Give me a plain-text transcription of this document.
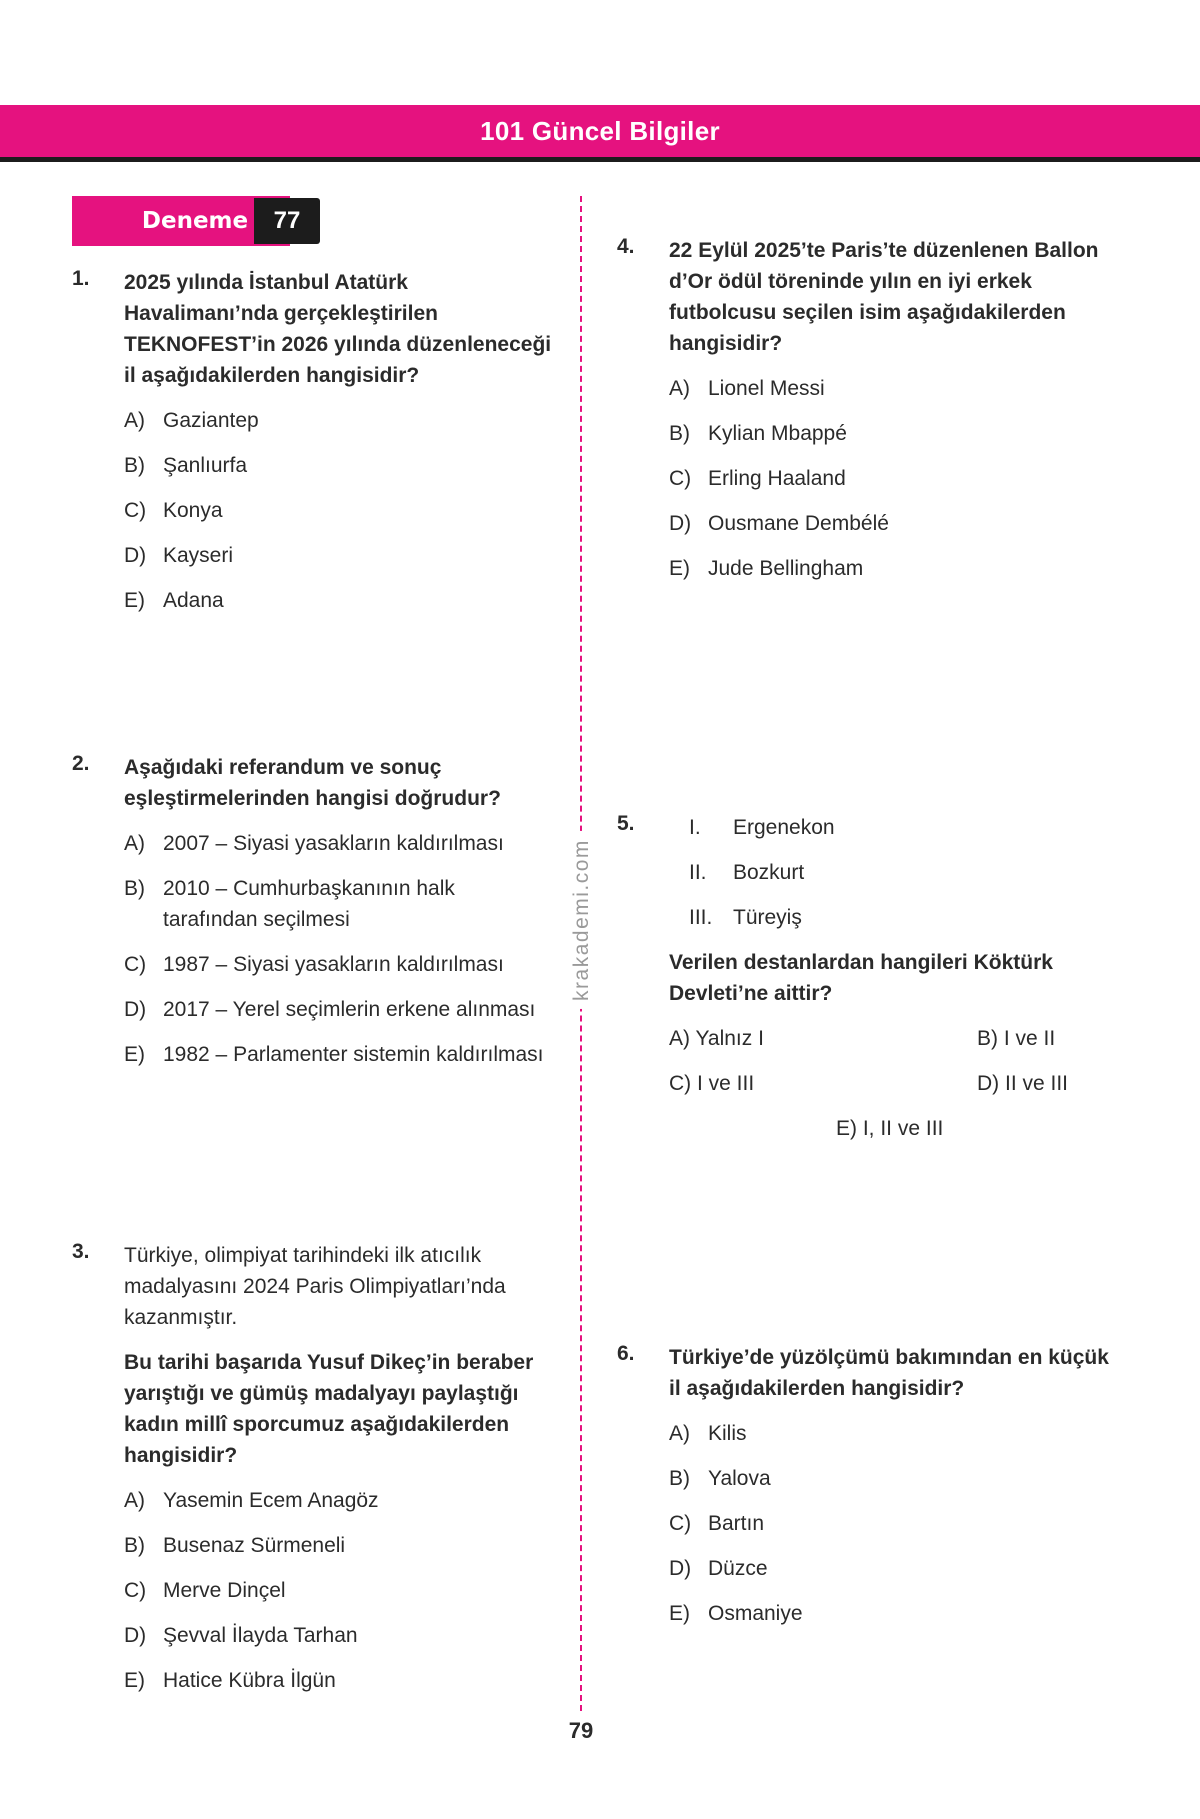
101 Güncel Bilgiler
Deneme	77
krakademi.com
1. 2025 yılında İstanbul Atatürk Havalimanı’nda gerçekleştirilen TEKNOFEST’in 2026 yılında düzenleneceği il aşağıdakilerden hangisidir?
A) Gaziantep
B) Şanlıurfa
C) Konya
D) Kayseri
E) Adana
2. Aşağıdaki referandum ve sonuç eşleştirmelerinden hangisi doğrudur?
A) 2007 – Siyasi yasakların kaldırılması
B) 2010 – Cumhurbaşkanının halk tarafından seçilmesi
C) 1987 – Siyasi yasakların kaldırılması
D) 2017 – Yerel seçimlerin erkene alınması
E) 1982 – Parlamenter sistemin kaldırılması
3. Türkiye, olimpiyat tarihindeki ilk atıcılık madalyasını 2024 Paris Olimpiyatları’nda kazanmıştır.
Bu tarihi başarıda Yusuf Dikeç’in beraber yarıştığı ve gümüş madalyayı paylaştığı kadın millî sporcumuz aşağıdakilerden hangisidir?
A) Yasemin Ecem Anagöz
B) Busenaz Sürmeneli
C) Merve Dinçel
D) Şevval İlayda Tarhan
E) Hatice Kübra İlgün
4. 22 Eylül 2025’te Paris’te düzenlenen Ballon d’Or ödül töreninde yılın en iyi erkek futbolcusu seçilen isim aşağıdakilerden hangisidir?
A) Lionel Messi
B) Kylian Mbappé
C) Erling Haaland
D) Ousmane Dembélé
E) Jude Bellingham
5.	I.	Ergenekon
II.	Bozkurt
III. Türeyiş
Verilen destanlardan hangileri Köktürk Devleti’ne aittir?
A) Yalnız I	B) I ve II
C) I ve III	D) II ve III
E) I, II ve III
6. Türkiye’de yüzölçümü bakımından en küçük il aşağıdakilerden hangisidir?
A) Kilis
B) Yalova
C) Bartın
D) Düzce
E) Osmaniye
79
